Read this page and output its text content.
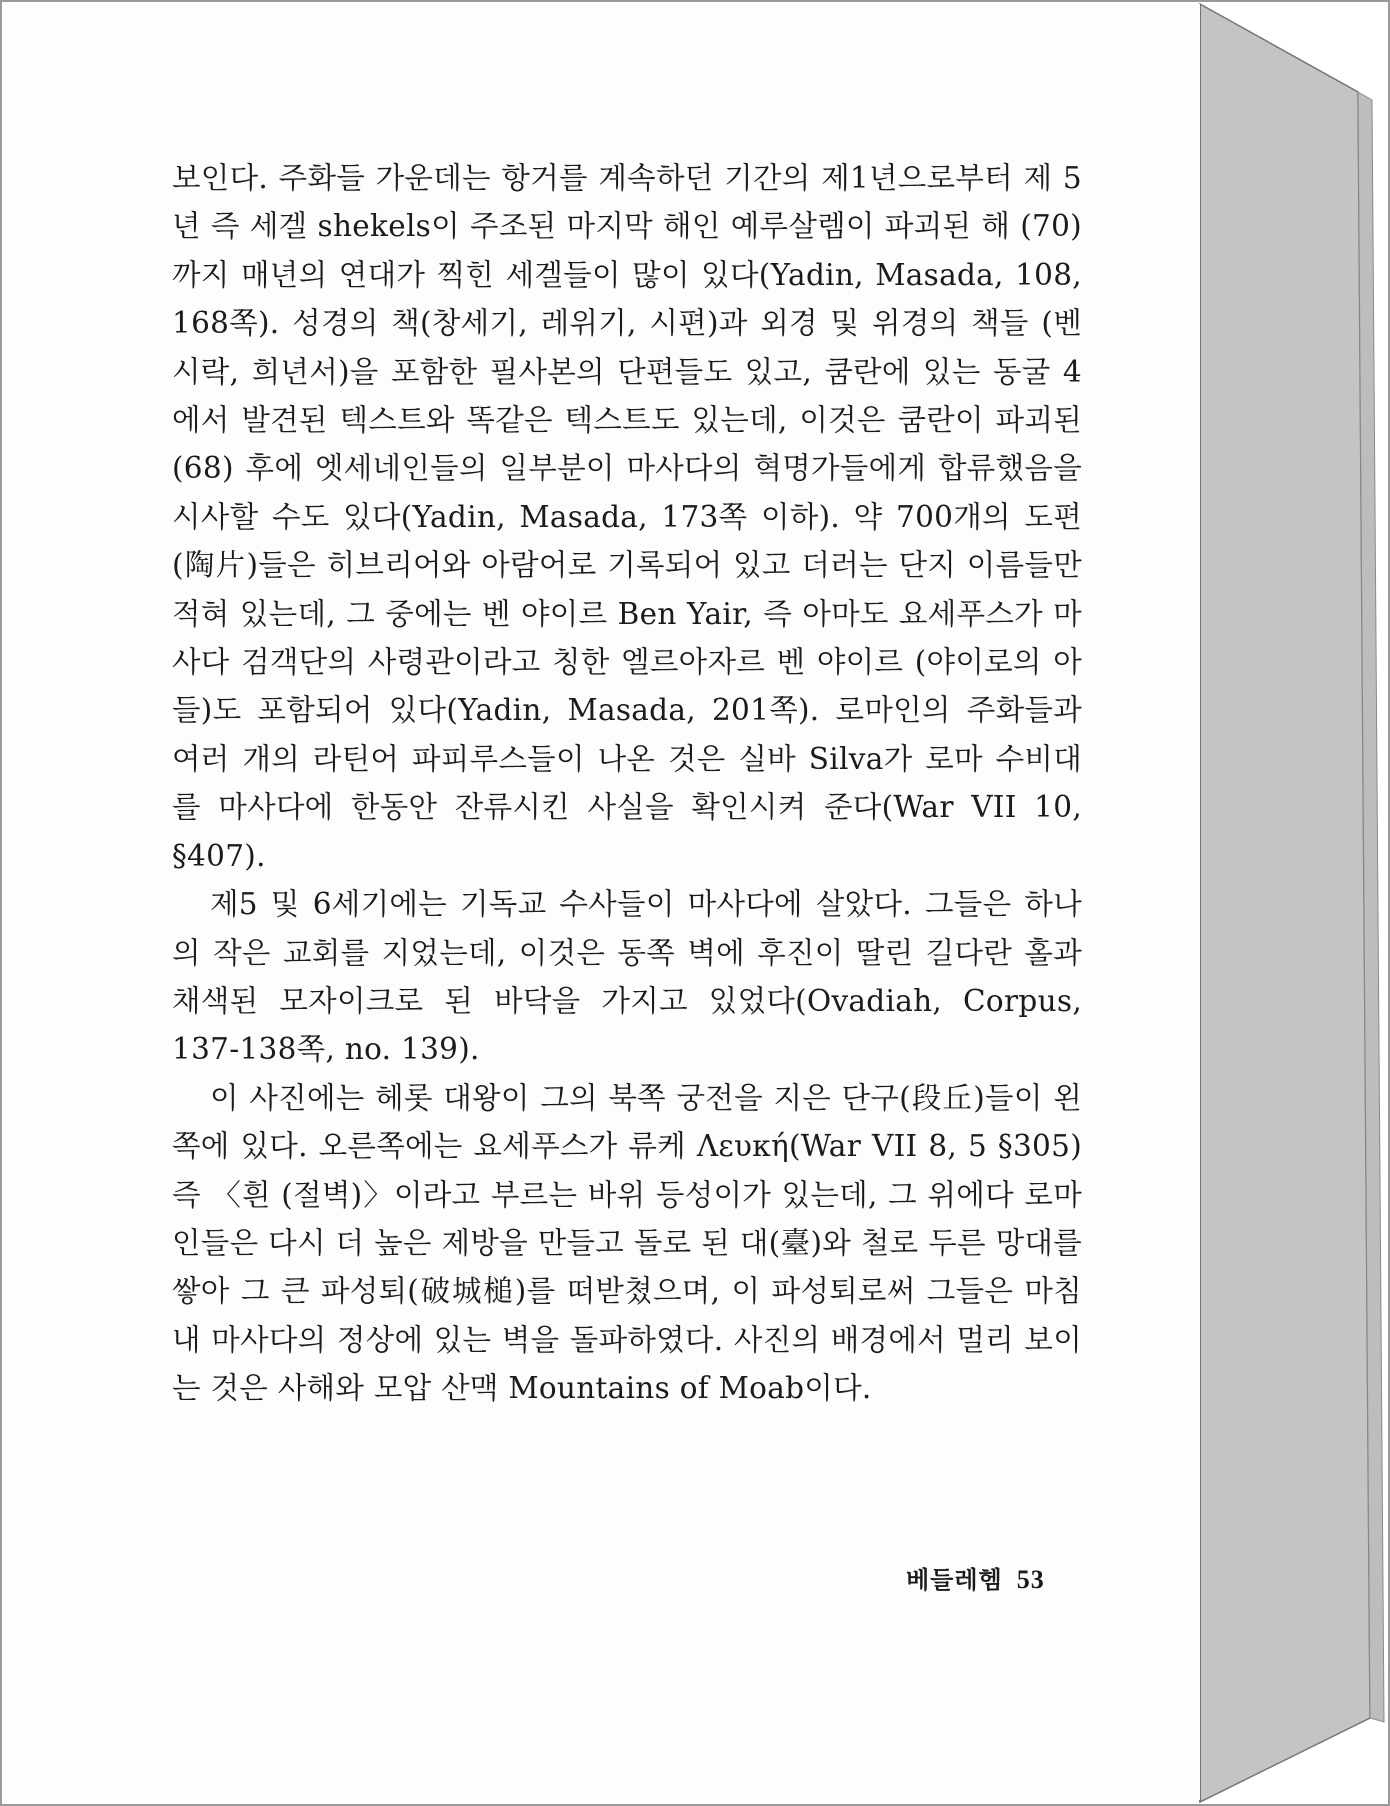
보인다. 주화들 가운데는 항거를 계속하던 기간의 제1년으로부터 제 5년 즉 세겔 shekels이 주조된 마지막 해인 예루살렘이 파괴된 해 (70)까지 매년의 연대가 찍힌 세겔들이 많이 있다(Yadin, Masada, 108, 168쪽). 성경의 책(창세기, 레위기, 시편)과 외경 및 위경의 책들 (벤 시락, 희년서)을 포함한 필사본의 단편들도 있고, 쿰란에 있는 동굴 4에서 발견된 텍스트와 똑같은 텍스트도 있는데, 이것은 쿰란이 파괴된(68) 후에 엣세네인들의 일부분이 마사다의 혁명가들에게 합류했음을 시사할 수도 있다(Yadin, Masada, 173쪽 이하). 약 700개의 도편(陶片)들은 히브리어와 아람어로 기록되어 있고 더러는 단지 이름들만 적혀 있는데, 그 중에는 벤 야이르 Ben Yair, 즉 아마도 요세푸스가 마사다 검객단의 사령관이라고 칭한 엘르아자르 벤 야이르 (야이로의 아들)도 포함되어 있다(Yadin, Masada, 201쪽). 로마인의 주화들과 여러 개의 라틴어 파피루스들이 나온 것은 실바 Silva가 로마 수비대를 마사다에 한동안 잔류시킨 사실을 확인시켜 준다(War VII 10, §407).

제5 및 6세기에는 기독교 수사들이 마사다에 살았다. 그들은 하나의 작은 교회를 지었는데, 이것은 동쪽 벽에 후진이 딸린 길다란 홀과 채색된 모자이크로 된 바닥을 가지고 있었다(Ovadiah, Corpus, 137-138쪽, no. 139).

이 사진에는 헤롯 대왕이 그의 북쪽 궁전을 지은 단구(段丘)들이 왼쪽에 있다. 오른쪽에는 요세푸스가 류케 Λευκή(War VII 8, 5 §305) 즉 〈흰 (절벽)〉이라고 부르는 바위 등성이가 있는데, 그 위에다 로마인들은 다시 더 높은 제방을 만들고 돌로 된 대(臺)와 철로 두른 망대를 쌓아 그 큰 파성퇴(破城槌)를 떠받쳤으며, 이 파성퇴로써 그들은 마침내 마사다의 정상에 있는 벽을 돌파하였다. 사진의 배경에서 멀리 보이는 것은 사해와 모압 산맥 Mountains of Moab이다.

베들레헴 53
